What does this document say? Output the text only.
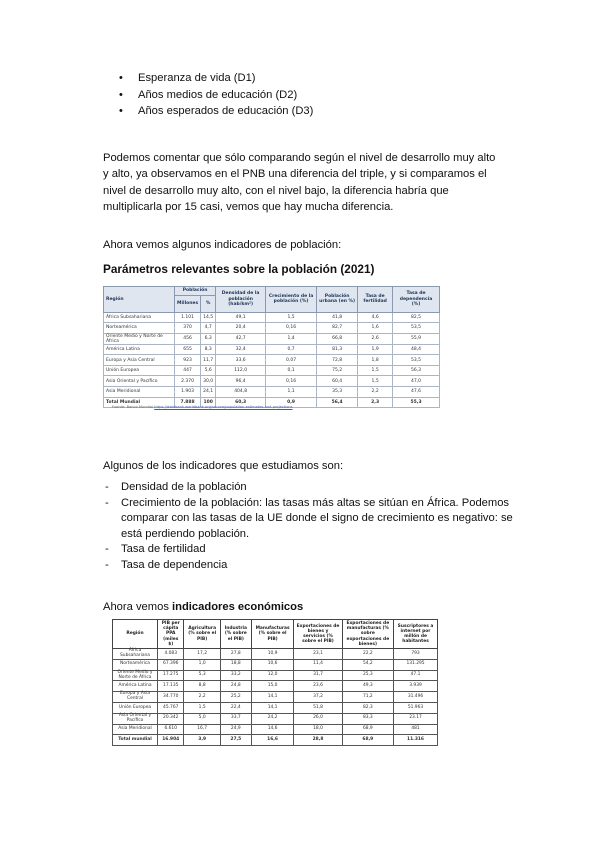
• Esperanza de vida (D1)
• Años medios de educación (D2)
• Años esperados de educación (D3)
Podemos comentar que sólo comparando según el nivel de desarrollo muy alto y alto, ya observamos en el PNB una diferencia del triple, y si comparamos el nivel de desarrollo muy alto, con el nivel bajo, la diferencia habría que multiplicarla por 15 casi, vemos que hay mucha diferencia.
Ahora vemos algunos indicadores de población:
Parámetros relevantes sobre la población (2021)
Región	Población		Densidad de la población (hab/km²)	Crecimiento de la población (%)	Población urbana (en %)	Tasa de fertilidad	Tasa de dependencia (%)
	Millones	%					
África Subsahariana	1.101	14,5	49,1	1,5	41,8	4,6	82,5
Norteamérica	370	4,7	20,4	0,16	82,7	1,6	53,5
Oriente Medio y Norte de África	456	6,3	42,7	1,4	66,8	2,6	55,9
América Latina	655	8,3	32,4	0,7	81,3	1,9	48,4
Europa y Asia Central	923	11,7	33,6	0,07	72,8	1,8	53,5
Unión Europea	447	5,6	112,0	0,1	75,2	1,5	56,3
Asia Oriental y Pacífico	2.370	30,0	96,4	0,16	60,4	1,5	47,0
Asia Meridional	1.903	24,1	404,8	1,1	35,3	2,2	47,6
Total Mundial	7.888	100	60,3	0,9	56,4	2,3	55,3
Fuente: Banco Mundial https://databank.worldbank.org/source/population-estimates-and-projections
Algunos de los indicadores que estudiamos son:
- Densidad de la población
- Crecimiento de la población: las tasas más altas se sitúan en África. Podemos comparar con las tasas de la UE donde el signo de crecimiento es negativo: se está perdiendo población.
- Tasa de fertilidad
- Tasa de dependencia
Ahora vemos indicadores económicos
Región	PIB per cápita PPA (miles $)	Agricultura (% sobre el PIB)	Industria (% sobre el PIB)	Manufacturas (% sobre el PIB)	Exportaciones de bienes y servicios (% sobre el PIB)	Exportaciones de manufacturas (% sobre exportaciones de bienes)	Suscriptores a internet por millón de habitantes
África Subsahariana	4.083	17,2	27,8	10,9	23,1	22,2	793
Norteamérica	67.396	1,0	18,8	10,6	11,4	54,2	131.295
Oriente Medio y Norte de África	17.275	5,3	33,2	12,0	31,7	25,3	47.1
América Latina	17.135	8,8	24,8	15,0	23,6	49,3	3.939
Europa y Asia Central	34.770	2,2	25,2	14,1	37,2	71,2	31.496
Unión Europea	45.767	1,5	22,4	14,1	51,8	82,3	51.963
Asia Oriental y Pacífico	20.342	5,0	33,7	24,2	26,0	83,3	23.17
Asia Meridional	6.610	16,7	24,9	14,6	18,0	68,9	481
Total mundial	16.904	3,9	27,5	16,6	28,8	68,9	11.316
